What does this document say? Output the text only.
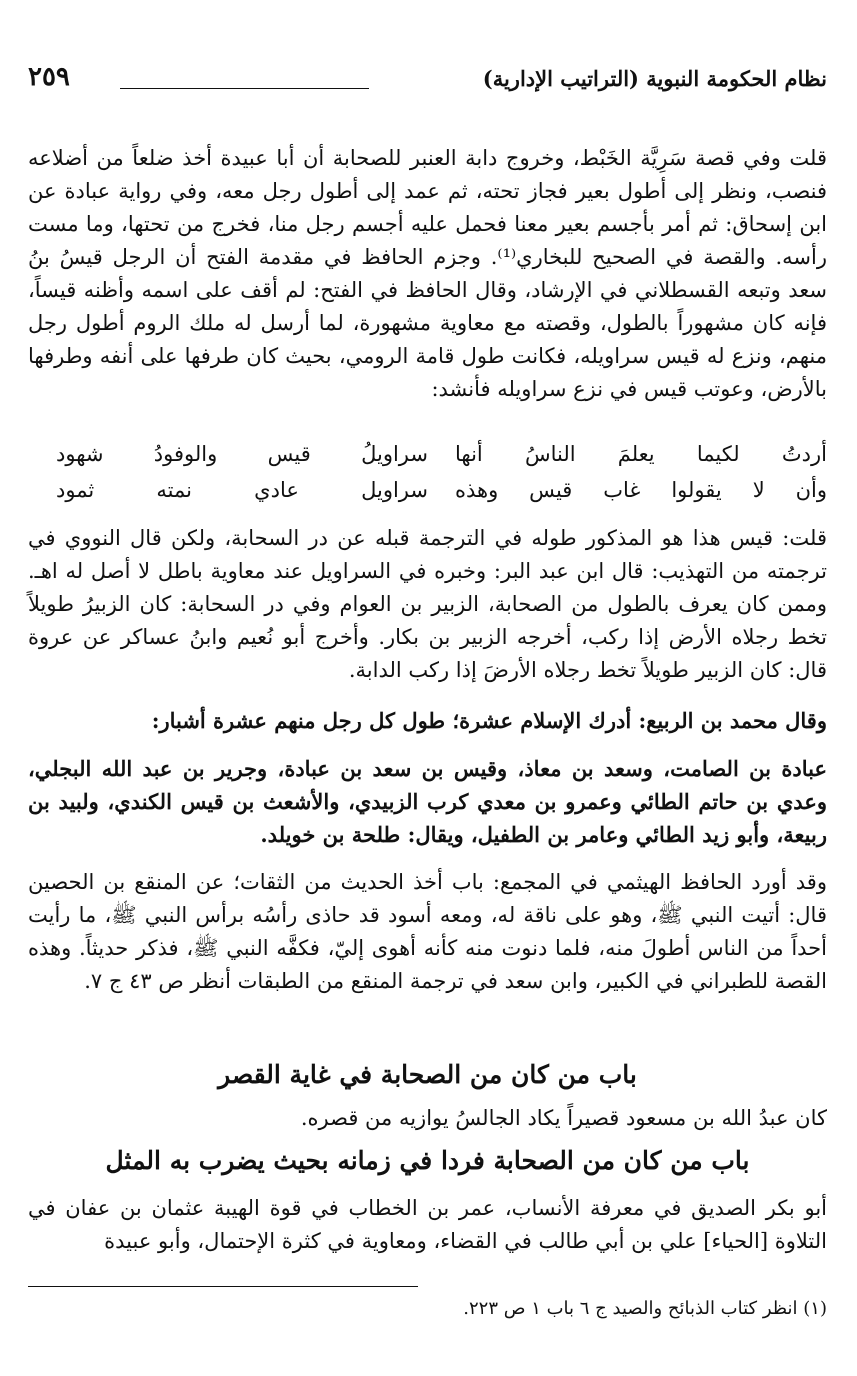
نظام الحكومة النبوية (التراتيب الإدارية)
٢٥٩
قلت وفي قصة سَرِيَّة الخَبْط، وخروج دابة العنبر للصحابة أن أبا عبيدة أخذ ضلعاً من أضلاعه فنصب، ونظر إلى أطول بعير فجاز تحته، ثم عمد إلى أطول رجل معه، وفي رواية عبادة عن ابن إسحاق: ثم أمر بأجسم بعير معنا فحمل عليه أجسم رجل منا، فخرج من تحتها، وما مست رأسه. والقصة في الصحيح للبخاري⁽¹⁾. وجزم الحافظ في مقدمة الفتح أن الرجل قيسُ بنُ سعد وتبعه القسطلاني في الإرشاد، وقال الحافظ في الفتح: لم أقف على اسمه وأظنه قيساً، فإنه كان مشهوراً بالطول، وقصته مع معاوية مشهورة، لما أرسل له ملك الروم أطول رجل منهم، ونزع له قيس سراويله، فكانت طول قامة الرومي، بحيث كان طرفها على أنفه وطرفها بالأرض، وعوتب قيس في نزع سراويله فأنشد:
أردتُ لكيما يعلمَ الناسُ أنها
سراويلُ قيس والوفودُ شهود
وأن لا يقولوا غاب قيس وهذه
سراويل عادي نمته ثمود
قلت: قيس هذا هو المذكور طوله في الترجمة قبله عن در السحابة، ولكن قال النووي في ترجمته من التهذيب: قال ابن عبد البر: وخبره في السراويل عند معاوية باطل لا أصل له اهـ. وممن كان يعرف بالطول من الصحابة، الزبير بن العوام وفي در السحابة: كان الزبيرُ طويلاً تخط رجلاه الأرض إذا ركب، أخرجه الزبير بن بكار. وأخرج أبو نُعيم وابنُ عساكر عن عروة قال: كان الزبير طويلاً تخط رجلاه الأرضَ إذا ركب الدابة.
وقال محمد بن الربيع: أدرك الإسلام عشرة؛ طول كل رجل منهم عشرة أشبار:
عبادة بن الصامت، وسعد بن معاذ، وقيس بن سعد بن عبادة، وجرير بن عبد الله البجلي، وعدي بن حاتم الطائي وعمرو بن معدي كرب الزبيدي، والأشعث بن قيس الكندي، ولبيد بن ربيعة، وأبو زيد الطائي وعامر بن الطفيل، ويقال: طلحة بن خويلد.
وقد أورد الحافظ الهيثمي في المجمع: باب أخذ الحديث من الثقات؛ عن المنقع بن الحصين قال: أتيت النبي ﷺ، وهو على ناقة له، ومعه أسود قد حاذى رأسُه برأس النبي ﷺ، ما رأيت أحداً من الناس أطولَ منه، فلما دنوت منه كأنه أهوى إليّ، فكفَّه النبي ﷺ، فذكر حديثاً. وهذه القصة للطبراني في الكبير، وابن سعد في ترجمة المنقع من الطبقات أنظر ص ٤٣ ج ٧.
باب من كان من الصحابة في غاية القصر
كان عبدُ الله بن مسعود قصيراً يكاد الجالسُ يوازيه من قصره.
باب من كان من الصحابة فردا في زمانه بحيث يضرب به المثل
أبو بكر الصديق في معرفة الأنساب، عمر بن الخطاب في قوة الهيبة عثمان بن عفان في التلاوة [الحياء] علي بن أبي طالب في القضاء، ومعاوية في كثرة الإحتمال، وأبو عبيدة
(١) انظر كتاب الذبائح والصيد ج ٦ باب ١ ص ٢٢٣.
